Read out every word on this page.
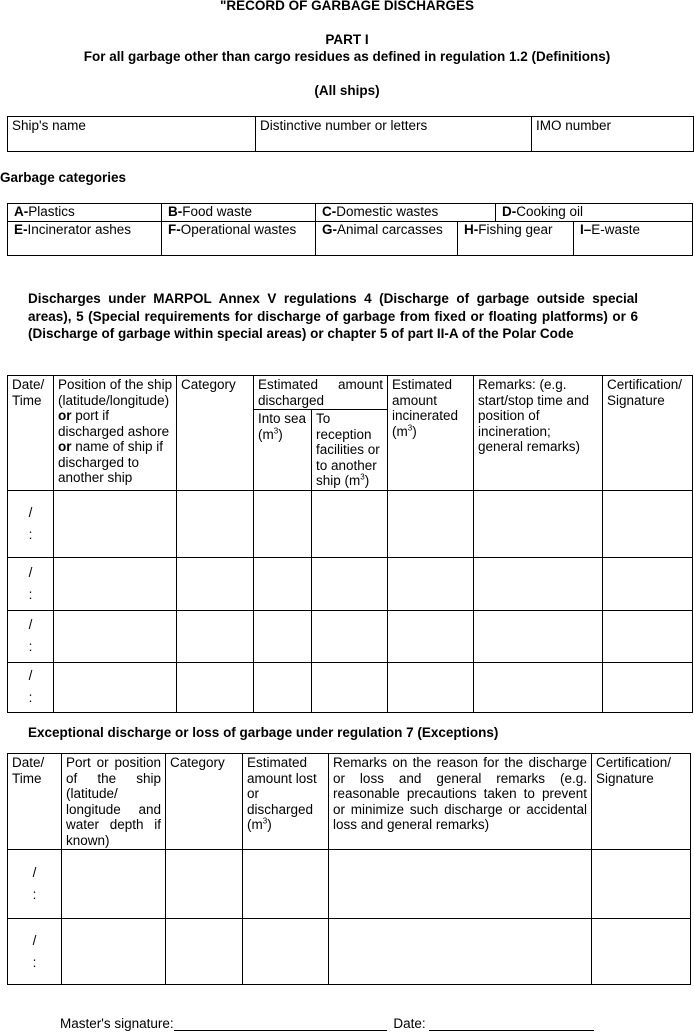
"RECORD OF GARBAGE DISCHARGES
PART I
For all garbage other than cargo residues as defined in regulation 1.2 (Definitions)
(All ships)
Ship's name	Distinctive number or letters	IMO number
Garbage categories
A-Plastics	B-Food waste	C-Domestic wastes	D-Cooking oil
E-Incinerator ashes	F-Operational wastes	G-Animal carcasses	H-Fishing gear I–E-waste
Discharges under MARPOL Annex V regulations 4 (Discharge of garbage outside special areas), 5 (Special requirements for discharge of garbage from fixed or floating platforms) or 6 (Discharge of garbage within special areas) or chapter 5 of part II-A of the Polar Code
Date/ Time	Position of the ship (latitude/longitude) or port if discharged ashore or name of ship if discharged to another ship	Category	Estimated amount discharged		Estimated amount incinerated $(m^3)$	Remarks: (e.g. start/stop time and position of incineration; general remarks)	Certification/ Signature
			Into sea $(m^3)$	To reception facilities or to another ship $(m^3)$			

/
:							

/
:							

/
:							

/
:							

Exceptional discharge or loss of garbage under regulation 7 (Exceptions)
Date/ Time	Port or position of the ship (latitude/ longitude and water depth if known)	Category	Estimated amount lost or discharged $(m^3)$	Remarks on the reason for the discharge or loss and general remarks (e.g. reasonable precautions taken to prevent or minimize such discharge or accidental loss and general remarks)	Certification/ Signature

/
:					

/
:					

Master's signature:	Date:
